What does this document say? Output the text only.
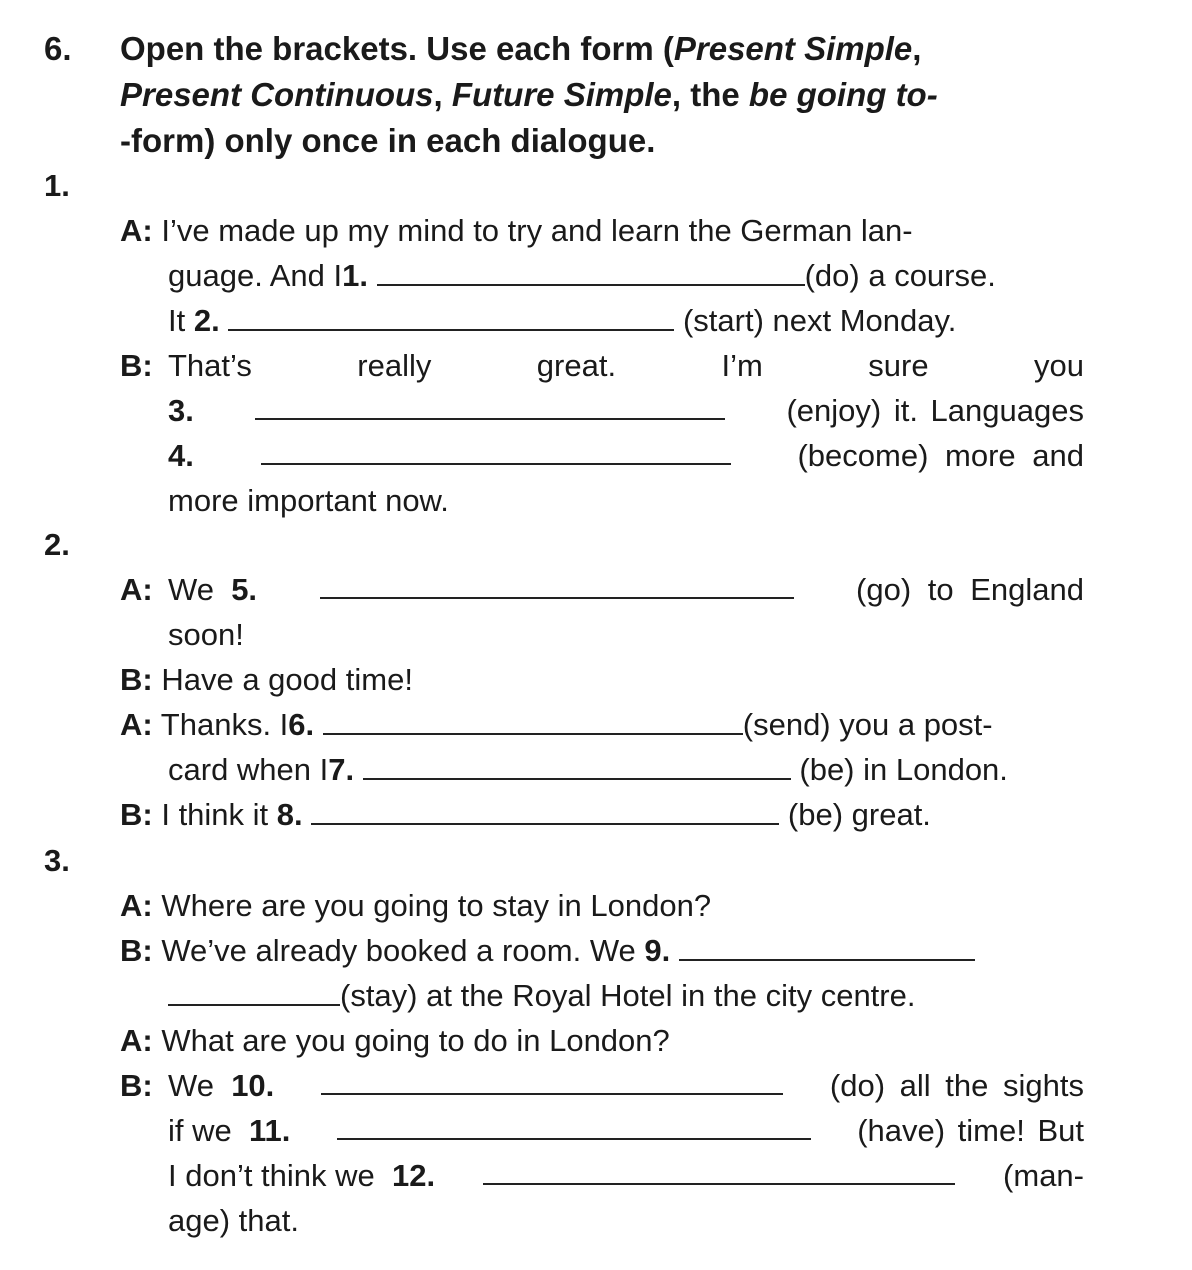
6. Open the brackets. Use each form (Present Simple,
Present Continuous, Future Simple, the be going to-
-form) only once in each dialogue.
1.
A: I’ve made up my mind to try and learn the German lan-
guage. And I1.	(do) a course.
It 2.	(start) next Monday.
B: That’s	really	great.	I’m	sure	you
3.	(enjoy) it. Languages
4.	(become) more and
more important now.
2.
A: We 5.	(go) to England
soon!
B: Have a good time!
A: Thanks. I6.	(send) you a post-
card when I7.	(be) in London.
B: I think it 8.	(be) great.
3.
A: Where are you going to stay in London?
B: We’ve already booked a room. We 9.
(stay) at the Royal Hotel in the city centre.
A: What are you going to do in London?
B: We 10.	(do) all the sights
if we 11.	(have) time! But
I don’t think we 12.	(man-
age) that.
